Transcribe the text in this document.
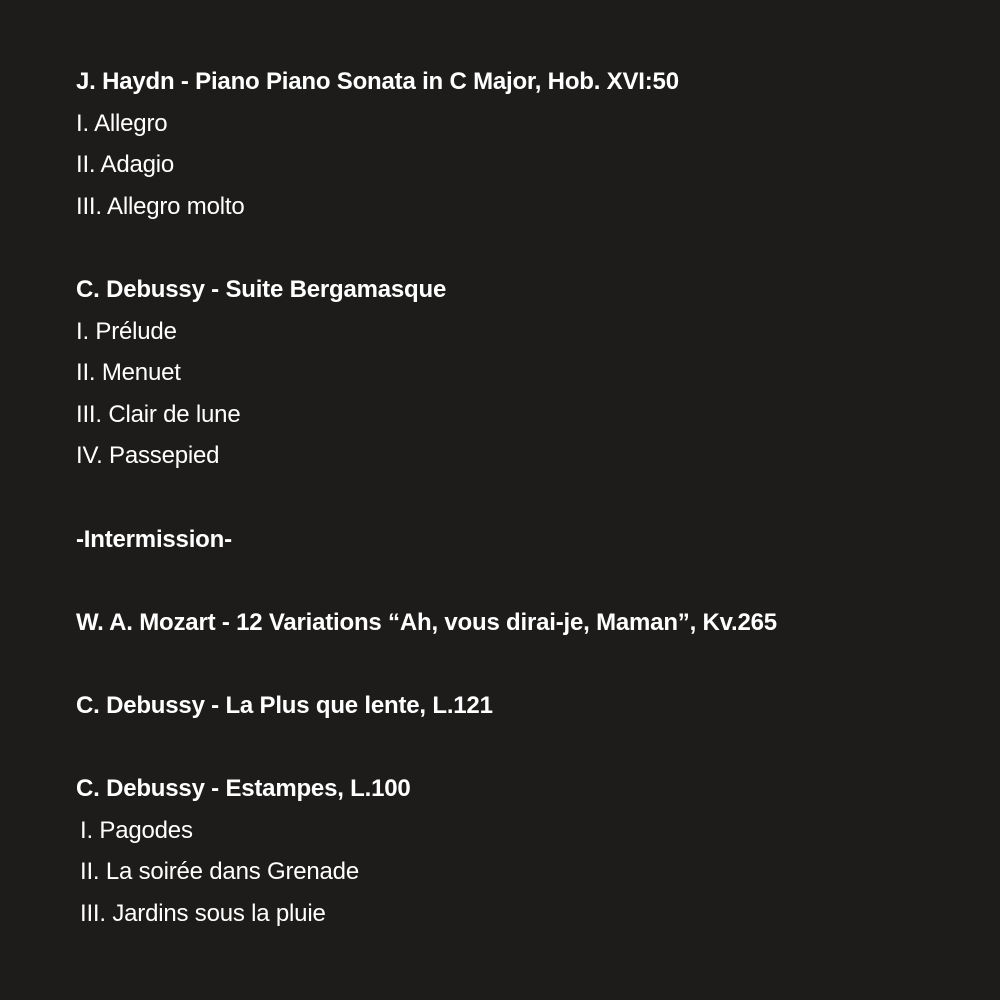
J. Haydn - Piano Piano Sonata in C Major, Hob. XVI:50
I. Allegro
II. Adagio
III. Allegro molto
C. Debussy - Suite Bergamasque
I. Prélude
II. Menuet
III. Clair de lune
IV. Passepied
-Intermission-
W. A. Mozart - 12 Variations “Ah, vous dirai-je, Maman”, Kv.265
C. Debussy - La Plus que lente, L.121
C. Debussy - Estampes, L.100
I. Pagodes
II. La soirée dans Grenade
III. Jardins sous la pluie
